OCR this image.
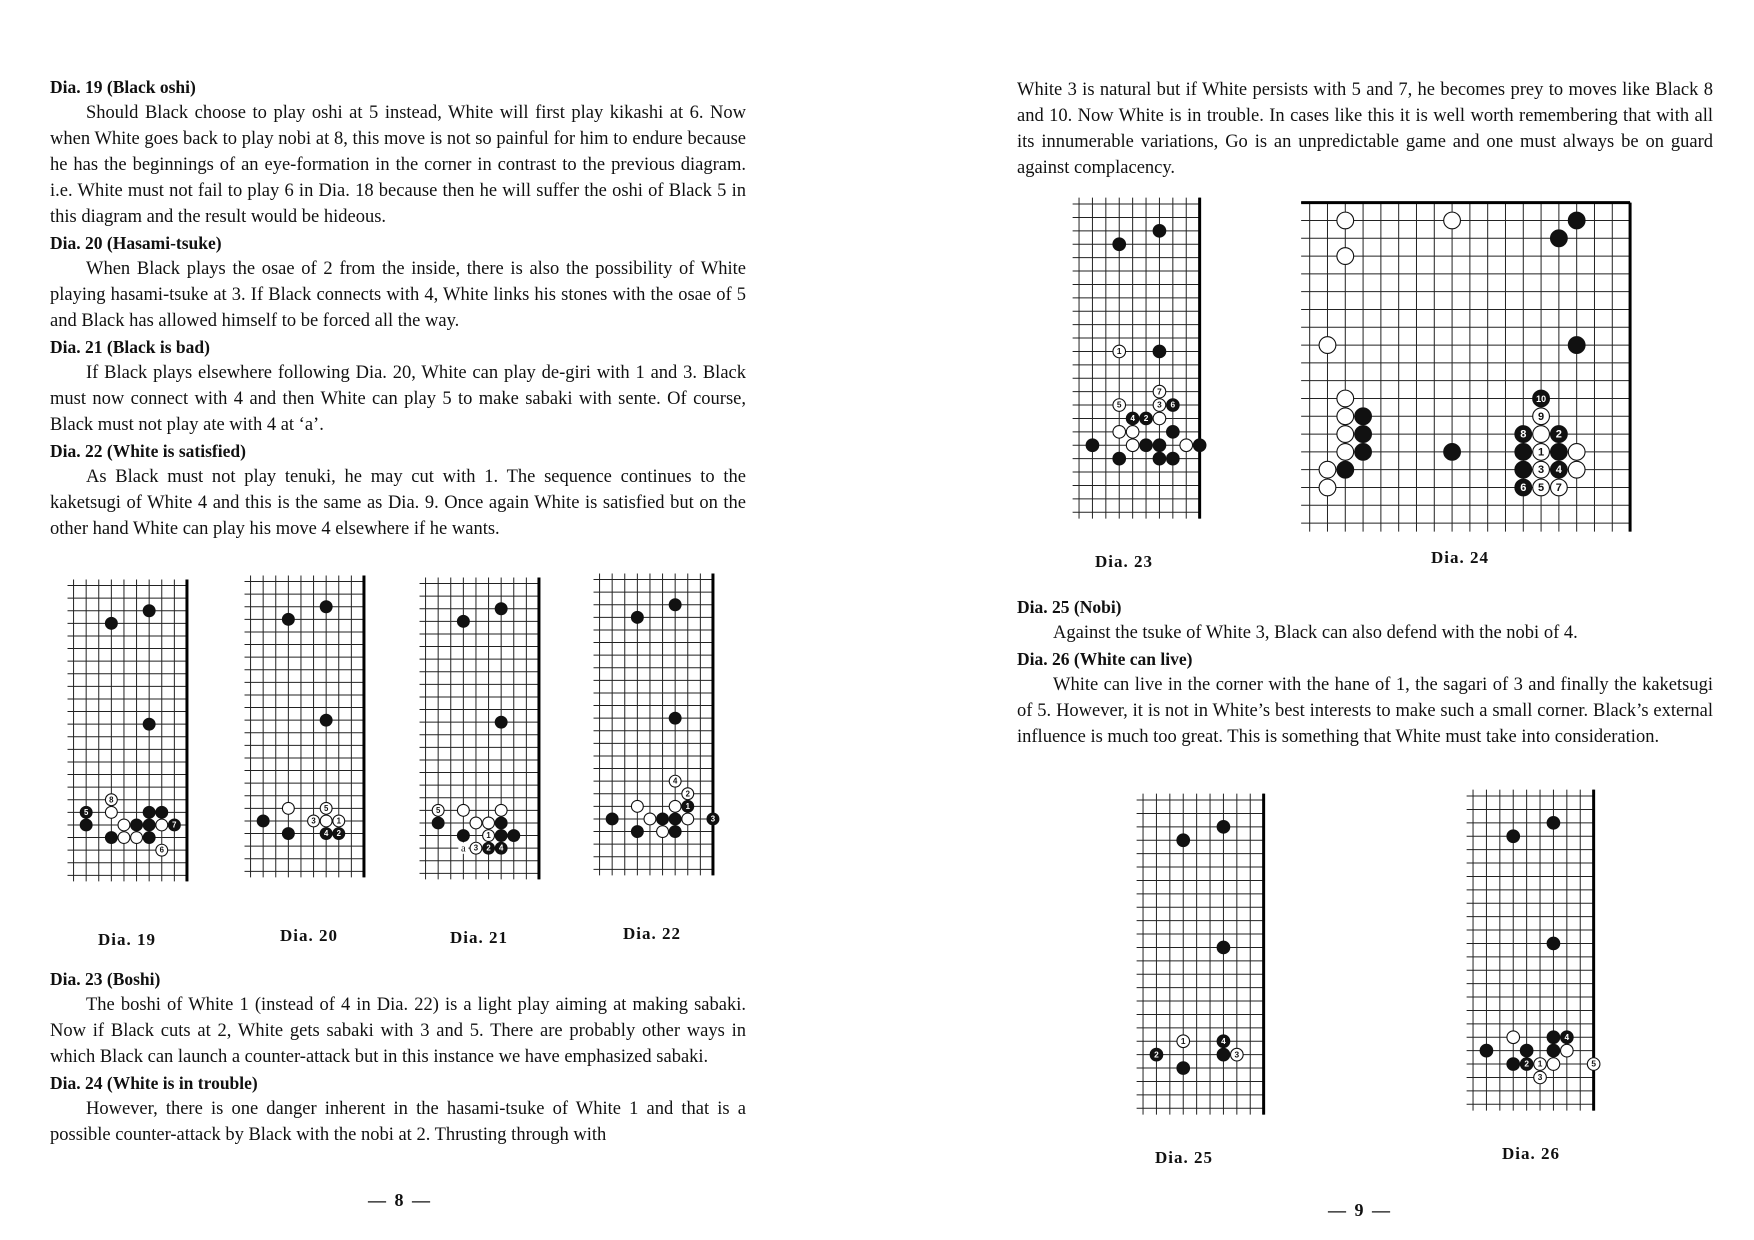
Dia. 19 (Black oshi)

Should Black choose to play oshi at 5 instead, White will first play kikashi at 6. Now when White goes back to play nobi at 8, this move is not so painful for him to endure because he has the beginnings of an eye-formation in the corner in contrast to the previous diagram. i.e. White must not fail to play 6 in Dia. 18 because then he will suffer the oshi of Black 5 in this diagram and the result would be hideous.

Dia. 20 (Hasami-tsuke)

When Black plays the osae of 2 from the inside, there is also the possibility of White playing hasami-tsuke at 3. If Black connects with 4, White links his stones with the osae of 5 and Black has allowed himself to be forced all the way.

Dia. 21 (Black is bad)

If Black plays elsewhere following Dia. 20, White can play de-giri with 1 and 3. Black must now connect with 4 and then White can play 5 to make sabaki with sente. Of course, Black must not play ate with 4 at ‘a’.

Dia. 22 (White is satisfied)

As Black must not play tenuki, he may cut with 1. The sequence continues to the kaketsugi of White 4 and this is the same as Dia. 9. Once again White is satisfied but on the other hand White can play his move 4 elsewhere if he wants.

8
5
7
6
Dia. 19
5
3	1
4 2
Dia. 20
5
1
3 2 4
a
Dia. 21
4
2
1
3
Dia. 22

Dia. 23 (Boshi)

The boshi of White 1 (instead of 4 in Dia. 22) is a light play aiming at making sabaki. Now if Black cuts at 2, White gets sabaki with 3 and 5. There are probably other ways in which Black can launch a counter-attack but in this instance we have emphasized sabaki.

Dia. 24 (White is in trouble)

However, there is one danger inherent in the hasami-tsuke of White 1 and that is a possible counter-attack by Black with the nobi at 2. Thrusting through with

— 8 —

White 3 is natural but if White persists with 5 and 7, he becomes prey to moves like Black 8 and 10. Now White is in trouble. In cases like this it is well worth remembering that with all its innumerable variations, Go is an unpredictable game and one must always be on guard against complacency.

1
7
5	3 6
4 2
Dia. 23
10
9
8	2
1
3 4
6 5 7
Dia. 24

Dia. 25 (Nobi)

Against the tsuke of White 3, Black can also defend with the nobi of 4.

Dia. 26 (White can live)

White can live in the corner with the hane of 1, the sagari of 3 and finally the kaketsugi of 5. However, it is not in White’s best interests to make such a small corner. Black’s external influence is much too great. This is something that White must take into consideration.

1	4
2	3
Dia. 25
4
2 1	5
3
Dia. 26
— 9 —
